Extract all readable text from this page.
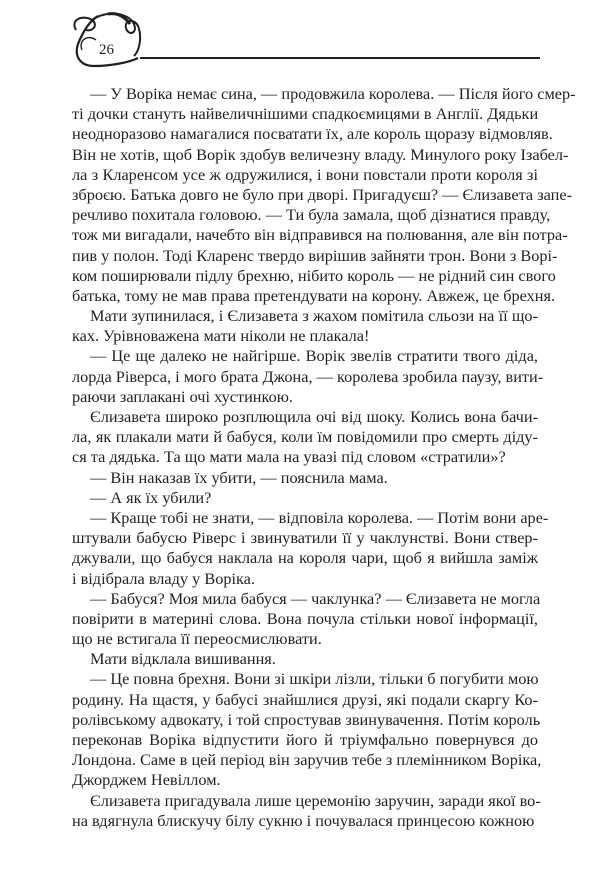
26
— У Воріка немає сина, — продовжила королева. — Після його смер-
ті дочки стануть найвеличнішими спадкоємицями в Англії. Дядьки
неодноразово намагалися посватати їх, але король щоразу відмовляв.
Він не хотів, щоб Ворік здобув величезну владу. Минулого року Ізабел-
ла з Кларенсом усе ж одружилися, і вони повстали проти короля зі
зброєю. Батька довго не було при дворі. Пригадуєш? — Єлизавета запе-
речливо похитала головою. — Ти була замала, щоб дізнатися правду,
тож ми вигадали, начебто він відправився на полювання, але він потра-
пив у полон. Тоді Кларенс твердо вирішив зайняти трон. Вони з Ворі-
ком поширювали підлу брехню, нібито король — не рідний син свого
батька, тому не мав права претендувати на корону. Авжеж, це брехня.
Мати зупинилася, і Єлизавета з жахом помітила сльози на її що-
ках. Урівноважена мати ніколи не плакала!
— Це ще далеко не найгірше. Ворік звелів стратити твого діда,
лорда Ріверса, і мого брата Джона, — королева зробила паузу, вити-
раючи заплакані очі хустинкою.
Єлизавета широко розплющила очі від шоку. Колись вона бачи-
ла, як плакали мати й бабуся, коли їм повідомили про смерть діду-
ся та дядька. Та що мати мала на увазі під словом «стратили»?
— Він наказав їх убити, — пояснила мама.
— А як їх убили?
— Краще тобі не знати, — відповіла королева. — Потім вони аре-
штували бабусю Ріверс і звинуватили її у чаклунстві. Вони ствер-
джували, що бабуся наклала на короля чари, щоб я вийшла заміж
і відібрала владу у Воріка.
— Бабуся? Моя мила бабуся — чаклунка? — Єлизавета не могла
повірити в материні слова. Вона почула стільки нової інформації,
що не встигала її переосмислювати.
Мати відклала вишивання.
— Це повна брехня. Вони зі шкіри лізли, тільки б погубити мою
родину. На щастя, у бабусі знайшлися друзі, які подали скаргу Ко-
ролівському адвокату, і той спростував звинувачення. Потім король
переконав Воріка відпустити його й тріумфально повернувся до
Лондона. Саме в цей період він заручив тебе з племінником Воріка,
Джорджем Невіллом.
Єлизавета пригадувала лише церемонію заручин, заради якої во-
на вдягнула блискучу білу сукню і почувалася принцесою кожною
